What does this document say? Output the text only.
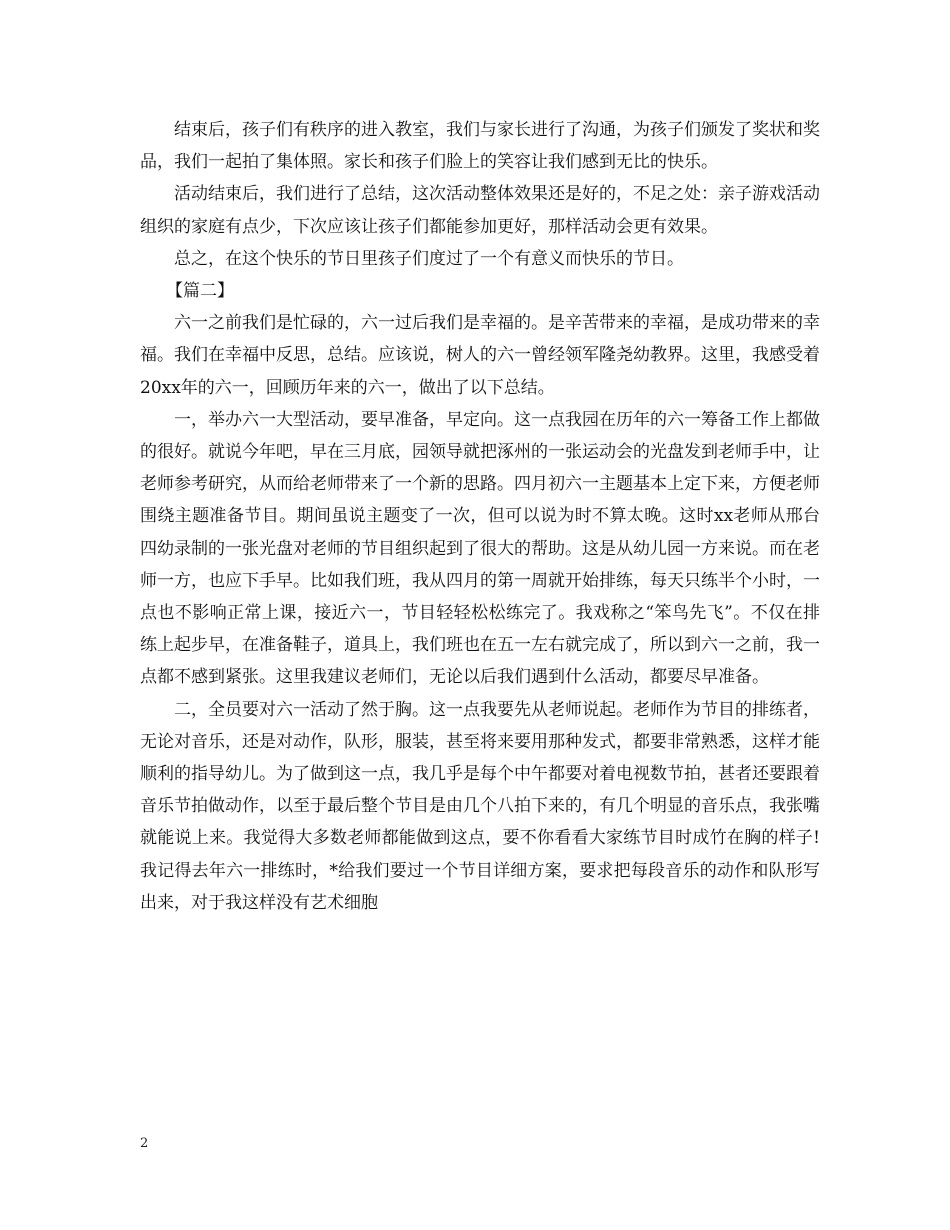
结束后，孩子们有秩序的进入教室，我们与家长进行了沟通，为孩子们颁发了奖状和奖品，我们一起拍了集体照。家长和孩子们脸上的笑容让我们感到无比的快乐。

活动结束后，我们进行了总结，这次活动整体效果还是好的，不足之处：亲子游戏活动组织的家庭有点少，下次应该让孩子们都能参加更好，那样活动会更有效果。

总之，在这个快乐的节日里孩子们度过了一个有意义而快乐的节日。

【篇二】

六一之前我们是忙碌的，六一过后我们是幸福的。是辛苦带来的幸福，是成功带来的幸福。我们在幸福中反思，总结。应该说，树人的六一曾经领军隆尧幼教界。这里，我感受着20xx年的六一，回顾历年来的六一，做出了以下总结。

一，举办六一大型活动，要早准备，早定向。这一点我园在历年的六一筹备工作上都做的很好。就说今年吧，早在三月底，园领导就把涿州的一张运动会的光盘发到老师手中，让老师参考研究，从而给老师带来了一个新的思路。四月初六一主题基本上定下来，方便老师围绕主题准备节目。期间虽说主题变了一次，但可以说为时不算太晚。这时xx老师从邢台四幼录制的一张光盘对老师的节目组织起到了很大的帮助。这是从幼儿园一方来说。而在老师一方，也应下手早。比如我们班，我从四月的第一周就开始排练，每天只练半个小时，一点也不影响正常上课，接近六一，节目轻轻松松练完了。我戏称之“笨鸟先飞”。不仅在排练上起步早，在准备鞋子，道具上，我们班也在五一左右就完成了，所以到六一之前，我一点都不感到紧张。这里我建议老师们，无论以后我们遇到什么活动，都要尽早准备。

二，全员要对六一活动了然于胸。这一点我要先从老师说起。老师作为节目的排练者，无论对音乐，还是对动作，队形，服装，甚至将来要用那种发式，都要非常熟悉，这样才能顺利的指导幼儿。为了做到这一点，我几乎是每个中午都要对着电视数节拍，甚者还要跟着音乐节拍做动作，以至于最后整个节目是由几个八拍下来的，有几个明显的音乐点，我张嘴就能说上来。我觉得大多数老师都能做到这点，要不你看看大家练节目时成竹在胸的样子!我记得去年六一排练时，*给我们要过一个节目详细方案，要求把每段音乐的动作和队形写出来，对于我这样没有艺术细胞

2
